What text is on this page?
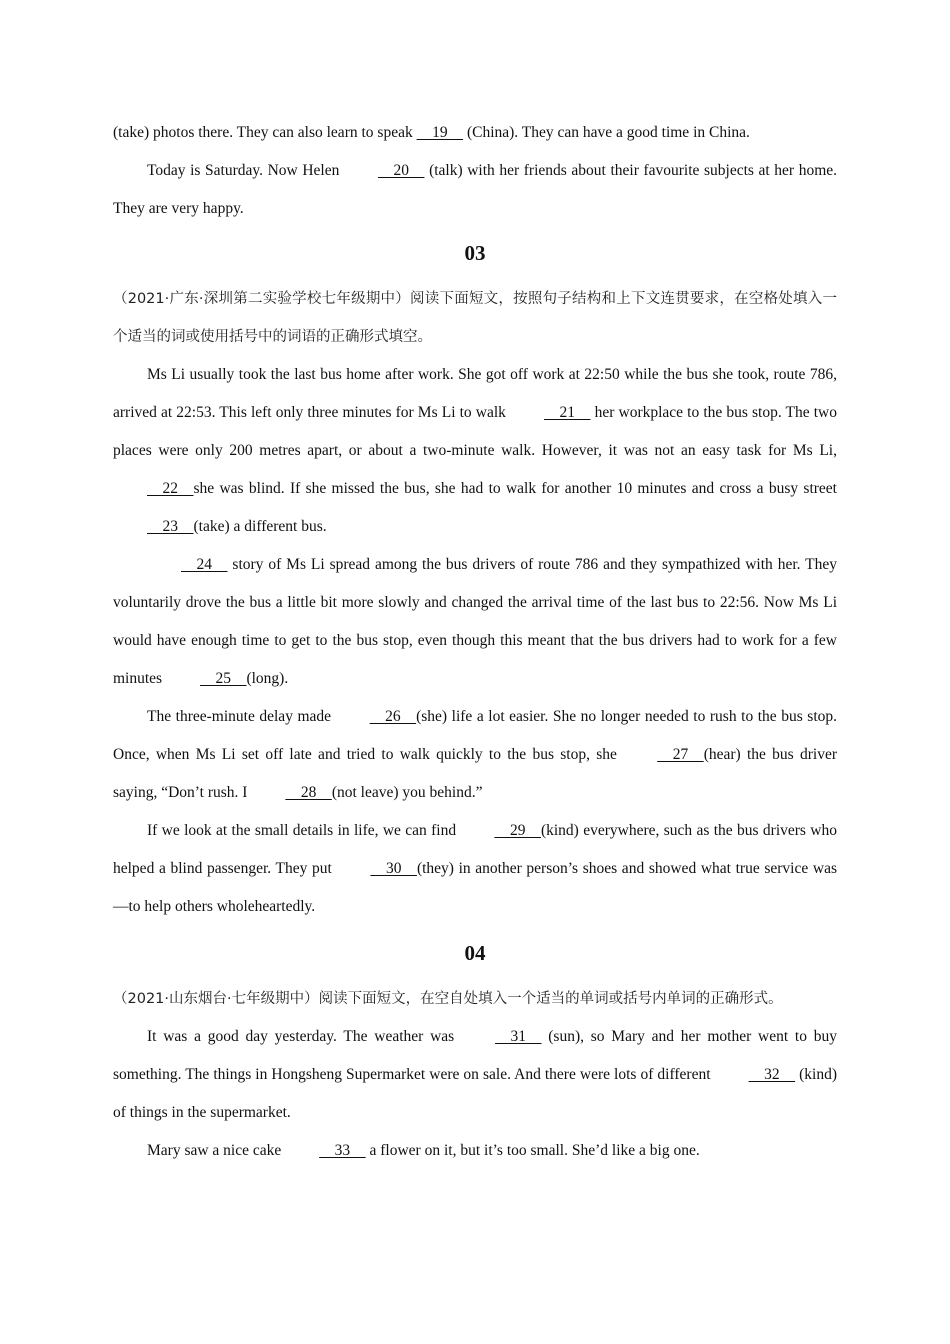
(take) photos there. They can also learn to speak     19     (China). They can have a good time in China.

Today is Saturday. Now Helen     20     (talk) with her friends about their favourite subjects at her home. They are very happy.

03

（2021·广东·深圳第二实验学校七年级期中）阅读下面短文，按照句子结构和上下文连贯要求，在空格处填入一个适当的词或使用括号中的词语的正确形式填空。

Ms Li usually took the last bus home after work. She got off work at 22:50 while the bus she took, route 786, arrived at 22:53. This left only three minutes for Ms Li to walk     21     her workplace to the bus stop. The two places were only 200 metres apart, or about a two-minute walk. However, it was not an easy task for Ms Li,     22    she was blind. If she missed the bus, she had to walk for another 10 minutes and cross a busy street     23    (take) a different bus.

24     story of Ms Li spread among the bus drivers of route 786 and they sympathized with her. They voluntarily drove the bus a little bit more slowly and changed the arrival time of the last bus to 22:56. Now Ms Li would have enough time to get to the bus stop, even though this meant that the bus drivers had to work for a few minutes     25    (long).

The three-minute delay made     26    (she) life a lot easier. She no longer needed to rush to the bus stop. Once, when Ms Li set off late and tried to walk quickly to the bus stop, she     27    (hear) the bus driver saying, “Don’t rush. I     28    (not leave) you behind.”

If we look at the small details in life, we can find     29    (kind) everywhere, such as the bus drivers who helped a blind passenger. They put     30    (they) in another person’s shoes and showed what true service was—to help others wholeheartedly.

04

（2021·山东烟台·七年级期中）阅读下面短文，在空自处填入一个适当的单词或括号内单词的正确形式。

It was a good day yesterday. The weather was     31     (sun), so Mary and her mother went to buy something. The things in Hongsheng Supermarket were on sale. And there were lots of different     32     (kind) of things in the supermarket.

Mary saw a nice cake     33     a flower on it, but it’s too small. She’d like a big one.
